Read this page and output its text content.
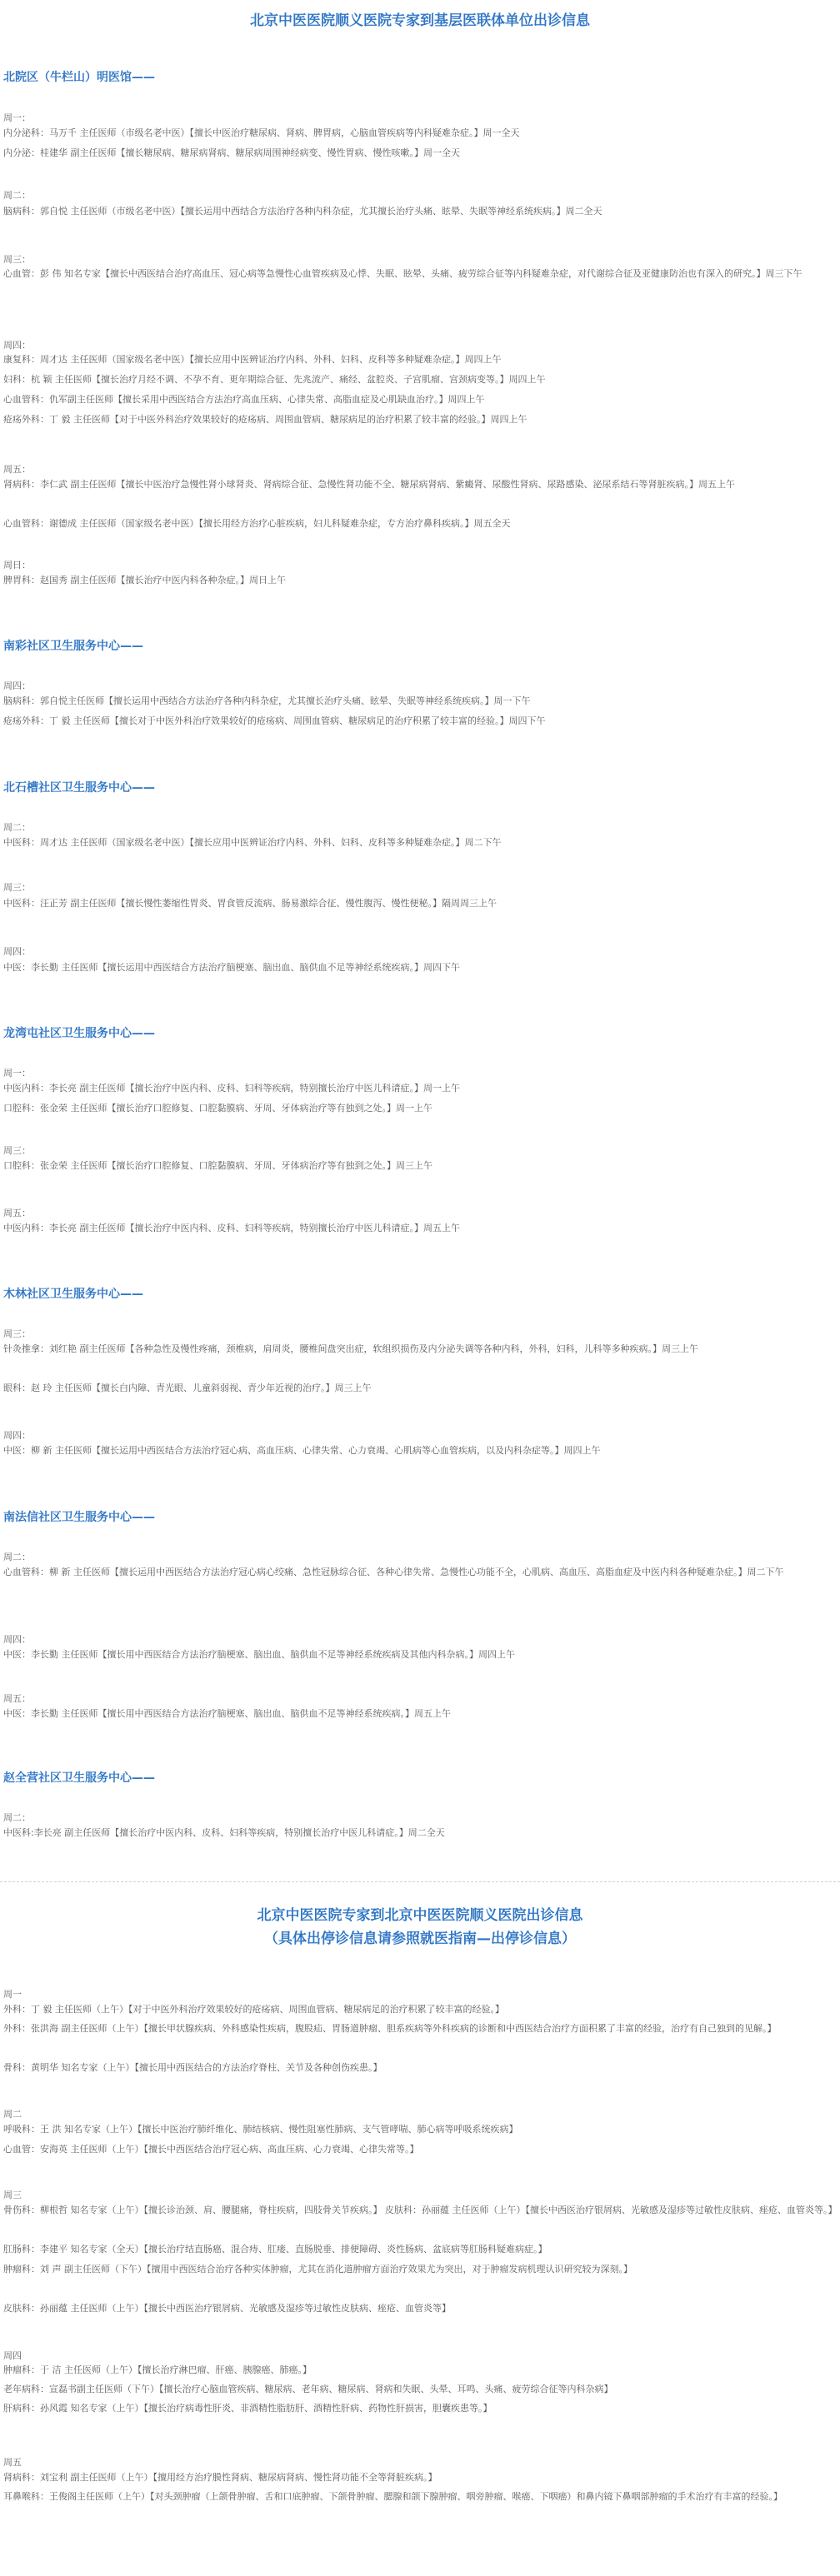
北京中医医院顺义医院专家到基层医联体单位出诊信息
北院区（牛栏山）明医馆——
周一：
内分泌科：马万千 主任医师（市级名老中医）【擅长中医治疗糖尿病、肾病、脾胃病，心脑血管疾病等内科疑难杂症。】周一全天
内分泌：桂建华 副主任医师【擅长糖尿病、糖尿病肾病、糖尿病周围神经病变、慢性胃病、慢性咳嗽。】周一全天
周二：
脑病科：郭自悦 主任医师（市级名老中医）【擅长运用中西结合方法治疗各种内科杂症，尤其擅长治疗头痛、眩晕、失眠等神经系统疾病。】周二全天
周三：
心血管：彭 伟 知名专家【擅长中西医结合治疗高血压、冠心病等急慢性心血管疾病及心悸、失眠、眩晕、头痛、疲劳综合征等内科疑难杂症，对代谢综合征及亚健康防治也有深入的研究。】周三下午
周四：
康复科：周才达 主任医师（国家级名老中医）【擅长应用中医辨证治疗内科、外科、妇科、皮科等多种疑难杂症。】周四上午
妇科：杭 颖 主任医师【擅长治疗月经不调、不孕不育、更年期综合征、先兆流产、痛经、盆腔炎、子宫肌瘤、宫颈病变等。】周四上午
心血管科：仇军副主任医师【擅长采用中西医结合方法治疗高血压病、心律失常、高脂血症及心肌缺血治疗。】周四上午
疮疡外科：丁 毅 主任医师【对于中医外科治疗效果较好的疮疡病、周围血管病、糖尿病足的治疗积累了较丰富的经验。】周四上午
周五：
肾病科：李仁武 副主任医师【擅长中医治疗急慢性肾小球肾炎、肾病综合征、急慢性肾功能不全、糖尿病肾病、紫癜肾、尿酸性肾病、尿路感染、泌尿系结石等肾脏疾病。】周五上午
心血管科：谢德成 主任医师（国家级名老中医）【擅长用经方治疗心脏疾病，妇儿科疑难杂症，专方治疗鼻科疾病。】周五全天
周日：
脾胃科：赵国秀 副主任医师【擅长治疗中医内科各种杂症。】周日上午
南彩社区卫生服务中心——
周四：
脑病科：郭自悦主任医师【擅长运用中西结合方法治疗各种内科杂症，尤其擅长治疗头痛、眩晕、失眠等神经系统疾病。】周一下午
疮疡外科：丁 毅 主任医师【擅长对于中医外科治疗效果较好的疮疡病、周围血管病、糖尿病足的治疗积累了较丰富的经验。】周四下午
北石槽社区卫生服务中心——
周二：
中医科：周才达 主任医师（国家级名老中医）【擅长应用中医辨证治疗内科、外科、妇科、皮科等多种疑难杂症。】周二下午
周三：
中医科：汪正芳 副主任医师【擅长慢性萎缩性胃炎、胃食管反流病、肠易激综合征、慢性腹泻、慢性便秘。】隔周周三上午
周四：
中医：李长勤 主任医师【擅长运用中西医结合方法治疗脑梗塞、脑出血、脑供血不足等神经系统疾病。】周四下午
龙湾屯社区卫生服务中心——
周一：
中医内科：李长亮 副主任医师【擅长治疗中医内科、皮科、妇科等疾病，特别擅长治疗中医儿科请症。】周一上午
口腔科：张金荣 主任医师【擅长治疗口腔修复、口腔黏膜病、牙周、牙体病治疗等有独到之处。】周一上午
周三：
口腔科：张金荣 主任医师【擅长治疗口腔修复、口腔黏膜病、牙周、牙体病治疗等有独到之处。】周三上午
周五：
中医内科：李长亮 副主任医师【擅长治疗中医内科、皮科、妇科等疾病，特别擅长治疗中医儿科请症。】周五上午
木林社区卫生服务中心——
周三：
针灸推拿：刘红艳 副主任医师【各种急性及慢性疼痛，颈椎病，肩周炎，腰椎间盘突出症，软组织损伤及内分泌失调等各种内科，外科，妇科，儿科等多种疾病。】周三上午
眼科：赵 玲 主任医师【擅长白内障、青光眼、儿童斜弱视、青少年近视的治疗。】周三上午
周四：
中医：柳 新 主任医师【擅长运用中西医结合方法治疗冠心病、高血压病、心律失常、心力衰竭、心肌病等心血管疾病，以及内科杂症等。】周四上午
南法信社区卫生服务中心——
周二：
心血管科：柳 新 主任医师【擅长运用中西医结合方法治疗冠心病心绞痛、急性冠脉综合征、各种心律失常、急慢性心功能不全，心肌病、高血压、高脂血症及中医内科各种疑难杂症。】周二下午
周四：
中医：李长勤 主任医师【擅长用中西医结合方法治疗脑梗塞、脑出血、脑供血不足等神经系统疾病及其他内科杂病。】周四上午
周五：
中医：李长勤 主任医师【擅长用中西医结合方法治疗脑梗塞、脑出血、脑供血不足等神经系统疾病。】周五上午
赵全营社区卫生服务中心——
周二：
中医科:李长亮 副主任医师【擅长治疗中医内科、皮科、妇科等疾病，特别擅长治疗中医儿科请症。】周二全天
北京中医医院专家到北京中医医院顺义医院出诊信息
（具体出停诊信息请参照就医指南—出停诊信息）
周一
外科：丁 毅 主任医师（上午）【对于中医外科治疗效果较好的疮疡病、周围血管病、糖尿病足的治疗积累了较丰富的经验。】
外科：张洪海 副主任医师（上午）【擅长甲状腺疾病、外科感染性疾病，腹股疝、胃肠道肿瘤、胆系疾病等外科疾病的诊断和中西医结合治疗方面积累了丰富的经验，治疗有自己独到的见解。】
骨科：黄明华 知名专家（上午）【擅长用中西医结合的方法治疗脊柱、关节及各种创伤疾患。】
周二
呼吸科：王 洪 知名专家（上午）【擅长中医治疗肺纤维化、肺结核病、慢性阻塞性肺病、支气管哮喘、肺心病等呼吸系统疾病】
心血管：安海英 主任医师（上午）【擅长中西医结合治疗冠心病、高血压病、心力衰竭、心律失常等。】
周三
骨伤科：柳根哲 知名专家（上午）【擅长诊治颈、肩、腰腿痛，脊柱疾病，四肢骨关节疾病。】 皮肤科：孙丽蕴 主任医师（上午）【擅长中西医治疗银屑病、光敏感及湿疹等过敏性皮肤病、痤疮、血管炎等。】
肛肠科：李建平 知名专家（全天）【擅长治疗结直肠癌、混合痔、肛瘘、直肠脱垂、排便障碍、炎性肠病、盆底病等肛肠科疑难病症。】
肿瘤科：刘 声 副主任医师（下午）【擅用中西医结合治疗各种实体肿瘤，尤其在消化道肿瘤方面治疗效果尤为突出，对于肿瘤发病机理认识研究较为深刻。】
皮肤科：孙丽蕴 主任医师（上午）【擅长中西医治疗银屑病、光敏感及湿疹等过敏性皮肤病、痤疮、血管炎等】
周四
肿瘤科：于 洁 主任医师（上午）【擅长治疗淋巴瘤、肝癌、胰腺癌、肺癌。】
老年病科：宣磊书副主任医师（下午）【擅长治疗心脑血管疾病、糖尿病、老年病、糖尿病、肾病和失眠、头晕、耳鸣、头痛、疲劳综合征等内科杂病】
肝病科：孙风霞 知名专家（上午）【擅长治疗病毒性肝炎、非酒精性脂肪肝、酒精性肝病、药物性肝损害，胆囊疾患等。】
周五
肾病科：刘宝利 副主任医师（上午）【擅用经方治疗膜性肾病、糖尿病肾病、慢性肾功能不全等肾脏疾病。】
耳鼻喉科：王俊阁主任医师（上午）【对头颈肿瘤（上颌骨肿瘤、舌和口底肿瘤、下颌骨肿瘤、腮腺和颌下腺肿瘤、咽旁肿瘤、喉癌、下咽癌）和鼻内镜下鼻咽部肿瘤的手术治疗有丰富的经验。】
